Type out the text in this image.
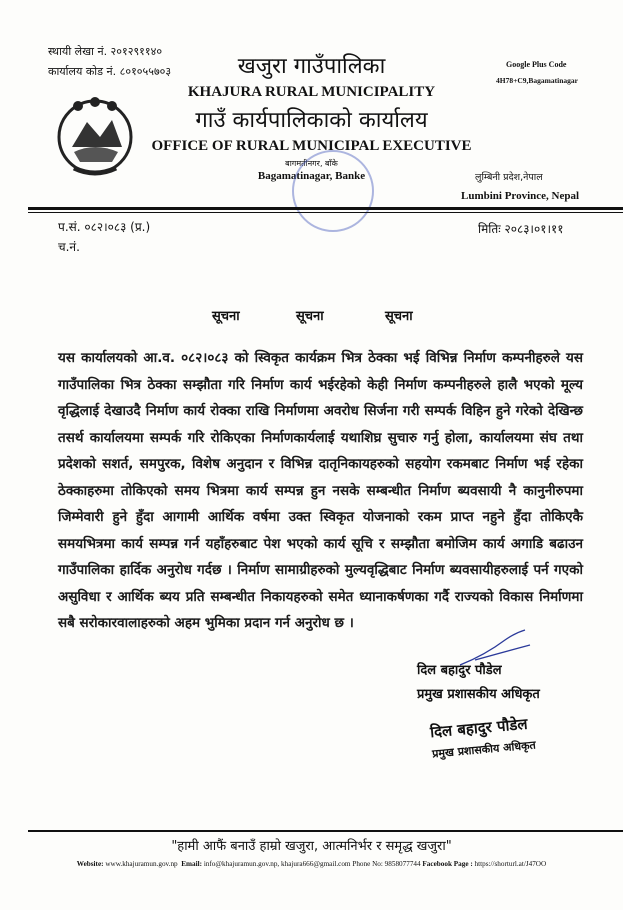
स्थायी लेखा नं. २०१२९११४०
कार्यालय कोड नं. ८०१०५५७०३	खजुरा गाउँपालिका
KHAJURA RURAL MUNICIPALITY
गाउँ कार्यपालिकाको कार्यालय
OFFICE OF RURAL MUNICIPAL EXECUTIVE
बागमतीनगर, बाँके
Bagamatinagar, Banke
Google Plus Code
4H78+C9,Bagamatinagar
लुम्बिनी प्रदेश,नेपाल
Lumbini Province, Nepal
प.सं. ०८२।०८३ (प्र.)
च.नं.
मितिः २०८३।०१।११
सूचना	सूचना	सूचना
यस कार्यालयको आ.व. ०८२।०८३ को स्विकृत कार्यक्रम भित्र ठेक्का भई विभिन्न निर्माण कम्पनीहरुले यस गाउँपालिका भित्र ठेक्का सम्झौता गरि निर्माण कार्य भईरहेको केही निर्माण कम्पनीहरुले हालै भएको मूल्य वृद्धिलाई देखाउदै निर्माण कार्य रोक्का राखि निर्माणमा अवरोध सिर्जना गरी सम्पर्क विहिन हुने गरेको देखिन्छ तसर्थ कार्यालयमा सम्पर्क गरि रोकिएका निर्माणकार्यलाई यथाशिघ्र सुचारु गर्नु होला, कार्यालयमा संघ तथा प्रदेशको सशर्त, समपुरक, विशेष अनुदान र विभिन्न दातृनिकायहरुको सहयोग रकमबाट निर्माण भई रहेका ठेक्काहरुमा तोकिएको समय भित्रमा कार्य सम्पन्न हुन नसके सम्बन्धीत निर्माण ब्यवसायी नै कानुनीरुपमा जिम्मेवारी हुने हुँदा आगामी आर्थिक वर्षमा उक्त स्विकृत योजनाको रकम प्राप्त नहुने हुँदा तोकिएकै समयभित्रमा कार्य सम्पन्न गर्न यहाँहरुबाट पेश भएको कार्य सूचि र सम्झौता बमोजिम कार्य अगाडि बढाउन गाउँपालिका हार्दिक अनुरोध गर्दछ । निर्माण सामाग्रीहरुको मुल्यवृद्धिबाट निर्माण ब्यवसायीहरुलाई पर्न गएको असुविधा र आर्थिक ब्यय प्रति सम्बन्धीत निकायहरुको समेत ध्यानाकर्षणका गर्दै राज्यको विकास निर्माणमा सबै सरोकारवालाहरुको अहम भुमिका प्रदान गर्न अनुरोध छ ।
दिल बहादुर पौडेल
प्रमुख प्रशासकीय अधिकृत
दिल बहादुर पौडेल
प्रमुख प्रशासकीय अधिकृत
"हामी आफैं बनाउँ हाम्रो खजुरा, आत्मनिर्भर र समृद्ध खजुरा"
Website: www.khajuramun.gov.np Email: info@khajuramun.gov.np, khajura666@gmail.com Phone No: 9858077744 Facebook Page : https://shorturl.at/J47OO
